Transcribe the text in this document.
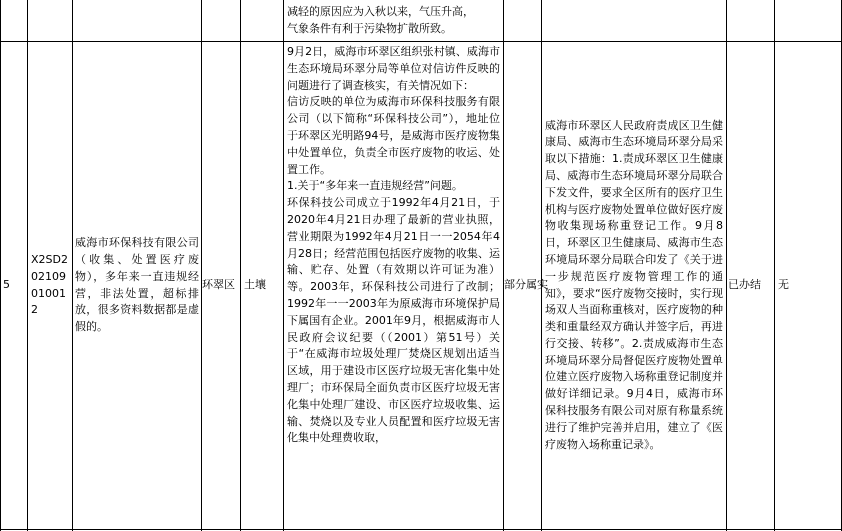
减轻的原因应为入秋以来，气压升高，

气象条件有利于污染物扩散所致。

5
X2SD202109010012
威海市环保科技有限公司（收集、处置医疗废物），多年来一直违规经营，非法处置，超标排放，很多资料数据都是虚假的。
环翠区 土壤

9月2日，威海市环翠区组织张村镇、威海市生态环境局环翠分局等单位对信访件反映的问题进行了调查核实，有关情况如下：

信访反映的单位为威海市环保科技服务有限公司（以下简称“环保科技公司”），地址位于环翠区光明路94号，是威海市医疗废物集中处置单位，负责全市医疗废物的收运、处置工作。

1.关于“多年来一直违规经营”问题。

环保科技公司成立于1992年4月21日，于2020年4月21日办理了最新的营业执照，营业期限为1992年4月21日一一2054年4月28日；经营范围包括医疗废物的收集、运输、贮存、处置（有效期以许可证为准）等。2003年，环保科技公司进行了改制；1992年一一2003年为原威海市环境保护局下属国有企业。2001年9月，根据威海市人民政府会议纪要（（2001）第51号）关于“在威海市垃圾处理厂焚烧区规划出适当区域，用于建设市区医疗垃圾无害化集中处理厂；市环保局全面负责市区医疗垃圾无害化集中处理厂建设、市区医疗垃圾收集、运输、焚烧以及专业人员配置和医疗垃圾无害化集中处理费收取，

部分属实
威海市环翠区人民政府责成区卫生健康局、威海市生态环境局环翠分局采取以下措施：1.责成环翠区卫生健康局、威海市生态环境局环翠分局联合下发文件，要求全区所有的医疗卫生机构与医疗废物处置单位做好医疗废物收集现场称重登记工作。9月8日，环翠区卫生健康局、威海市生态环境局环翠分局联合印发了《关于进一步规范医疗废物管理工作的通知》，要求“医疗废物交接时，实行现场双人当面称重核对，医疗废物的种类和重量经双方确认并签字后，再进行交接、转移”。2.责成威海市生态环境局环翠分局督促医疗废物处置单位建立医疗废物入场称重登记制度并做好详细记录。9月4日，威海市环保科技服务有限公司对原有称量系统进行了维护完善并启用，建立了《医疗废物入场称重记录》。
已办结 无
